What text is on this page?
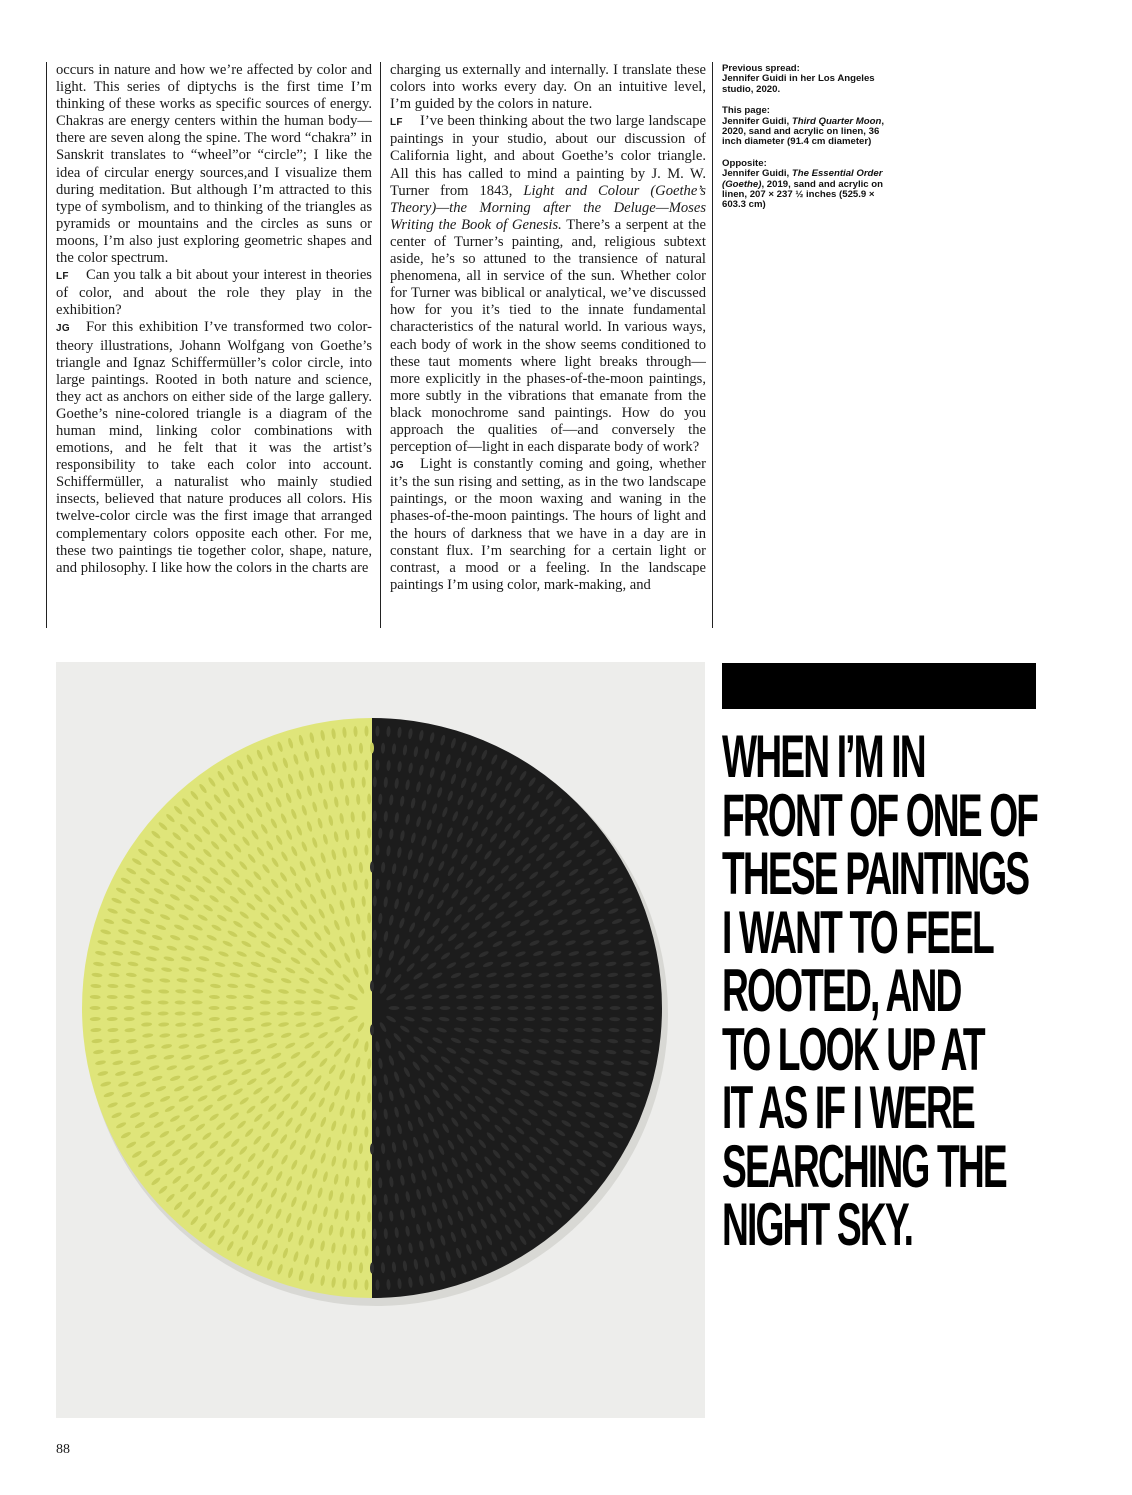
occurs in nature and how we’re affected by color and light. This series of diptychs is the first time I’m thinking of these works as specific sources of energy. Chakras are energy centers within the human body—there are seven along the spine. The word “chakra” in Sanskrit translates to “wheel”or “circle”; I like the idea of circular energy sources,and I visualize them during meditation. But although I’m attracted to this type of symbolism, and to thinking of the triangles as pyramids or mountains and the circles as suns or moons, I’m also just exploring geometric shapes and the color spectrum.

LF Can you talk a bit about your interest in theories of color, and about the role they play in the exhibition?

JG For this exhibition I’ve transformed two color-theory illustrations, Johann Wolfgang von Goethe’s triangle and Ignaz Schiffermüller’s color circle, into large paintings. Rooted in both nature and science, they act as anchors on either side of the large gallery. Goethe’s nine-colored triangle is a diagram of the human mind, linking color combinations with emotions, and he felt that it was the artist’s responsibility to take each color into account. Schiffermüller, a naturalist who mainly studied insects, believed that nature produces all colors. His twelve-color circle was the first image that arranged complementary colors opposite each other. For me, these two paintings tie together color, shape, nature, and philosophy. I like how the colors in the charts are

charging us externally and internally. I translate these colors into works every day. On an intuitive level, I’m guided by the colors in nature.

LF I’ve been thinking about the two large landscape paintings in your studio, about our discussion of California light, and about Goethe’s color triangle. All this has called to mind a painting by J. M. W. Turner from 1843, Light and Colour (Goethe’s Theory)—the Morning after the Deluge—Moses Writing the Book of Genesis. There’s a serpent at the center of Turner’s painting, and, religious subtext aside, he’s so attuned to the transience of natural phenomena, all in service of the sun. Whether color for Turner was biblical or analytical, we’ve discussed how for you it’s tied to the innate fundamental characteristics of the natural world. In various ways, each body of work in the show seems conditioned to these taut moments where light breaks through—more explicitly in the phases-of-the-moon paintings, more subtly in the vibrations that emanate from the black monochrome sand paintings. How do you approach the qualities of—and conversely the perception of—light in each disparate body of work?

JG Light is constantly coming and going, whether it’s the sun rising and setting, as in the two landscape paintings, or the moon waxing and waning in the phases-of-the-moon paintings. The hours of light and the hours of darkness that we have in a day are in constant flux. I’m searching for a certain light or contrast, a mood or a feeling. In the landscape paintings I’m using color, mark-making, and

Previous spread:
Jennifer Guidi in her Los Angeles studio, 2020.
This page:
Jennifer Guidi, Third Quarter Moon, 2020, sand and acrylic on linen, 36 inch diameter (91.4 cm diameter)
Opposite:
Jennifer Guidi, The Essential Order (Goethe), 2019, sand and acrylic on linen, 207 × 237 ½ inches (525.9 × 603.3 cm)
WHEN I’M IN
FRONT OF ONE OF
THESE PAINTINGS
I WANT TO FEEL
ROOTED, AND
TO LOOK UP AT
IT AS IF I WERE
SEARCHING THE
NIGHT SKY.
88
